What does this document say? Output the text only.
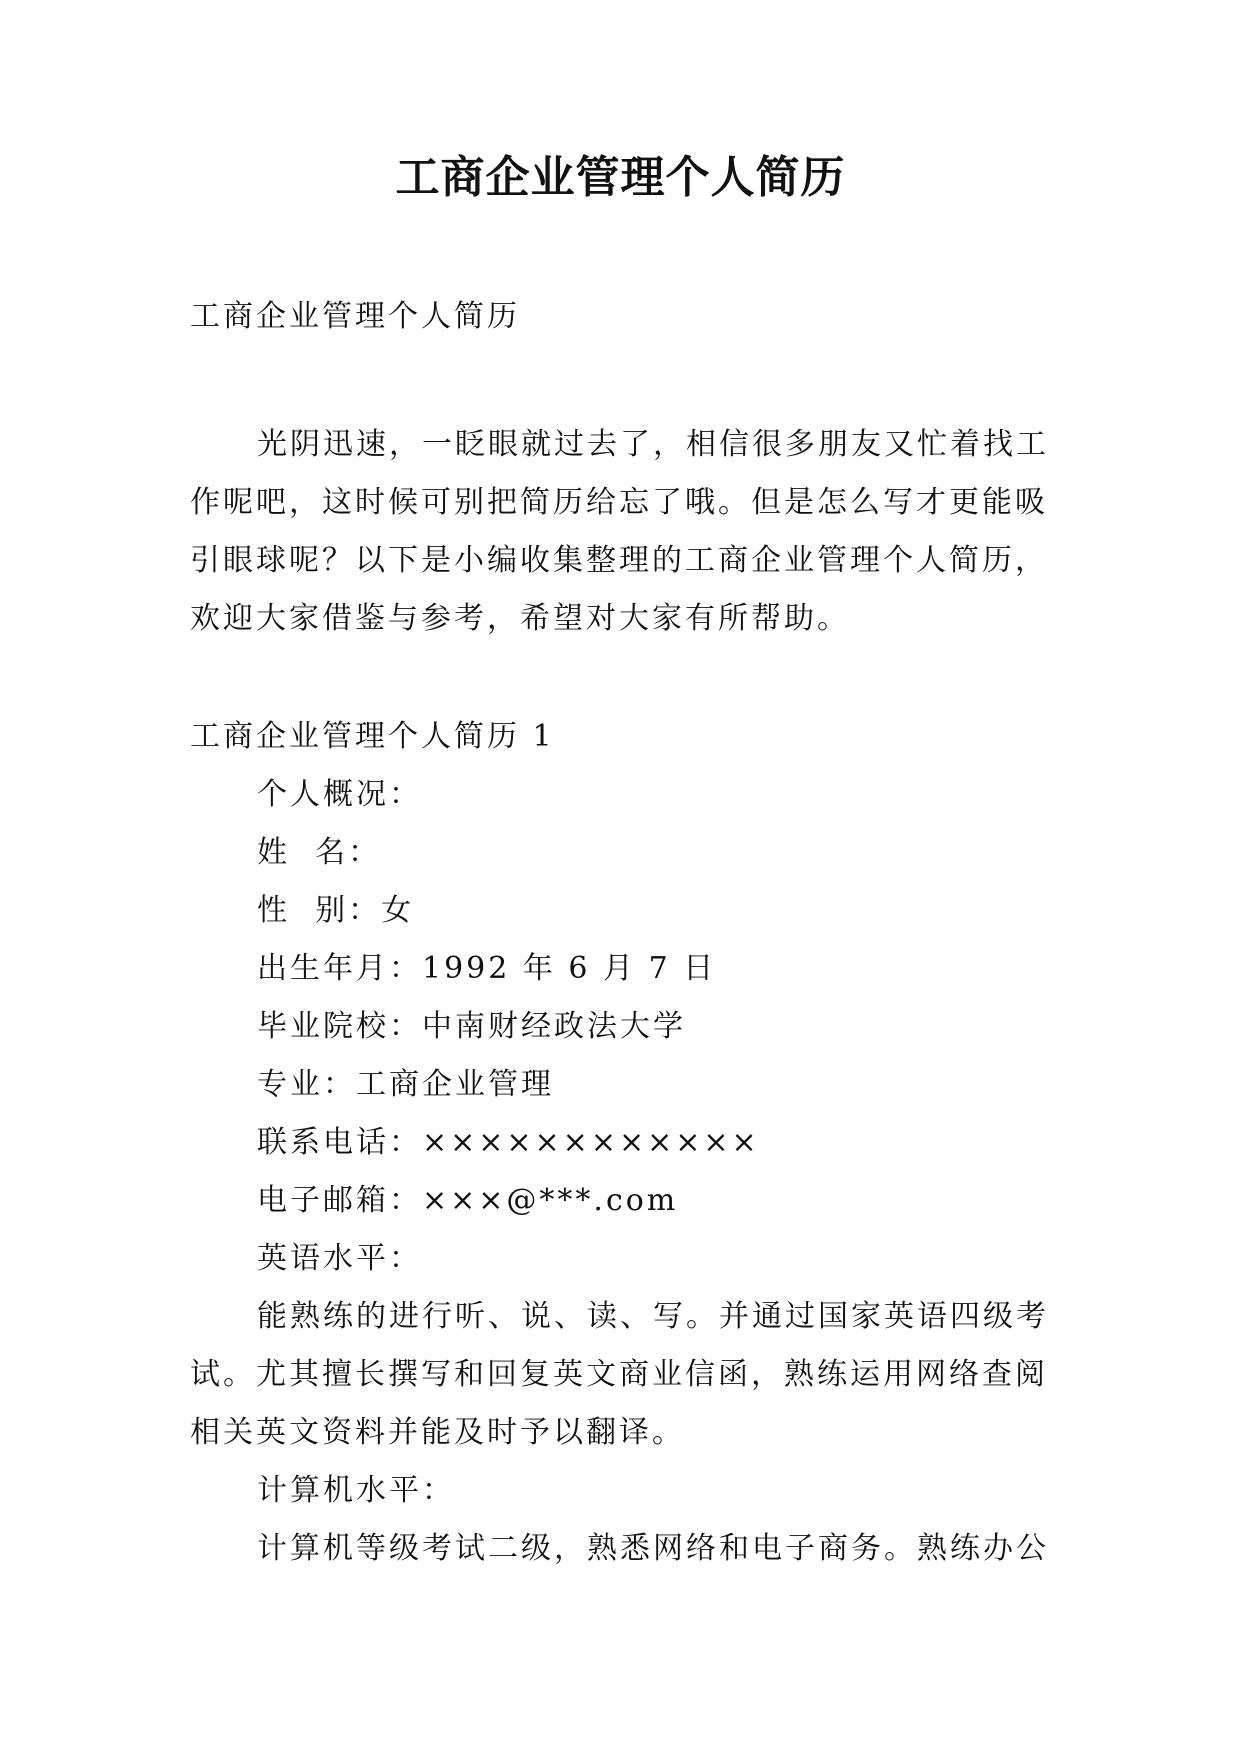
工商企业管理个人简历
工商企业管理个人简历
光阴迅速，一眨眼就过去了，相信很多朋友又忙着找工
作呢吧，这时候可别把简历给忘了哦。但是怎么写才更能吸
引眼球呢？以下是小编收集整理的工商企业管理个人简历，
欢迎大家借鉴与参考，希望对大家有所帮助。
工商企业管理个人简历 1
个人概况：
姓  名：
性  别：女
出生年月：1992 年 6 月 7 日
毕业院校：中南财经政法大学
专业：工商企业管理
联系电话：××××××××××××
电子邮箱：×××@***.com
英语水平：
能熟练的进行听、说、读、写。并通过国家英语四级考
试。尤其擅长撰写和回复英文商业信函，熟练运用网络查阅
相关英文资料并能及时予以翻译。
计算机水平：
计算机等级考试二级，熟悉网络和电子商务。熟练办公
